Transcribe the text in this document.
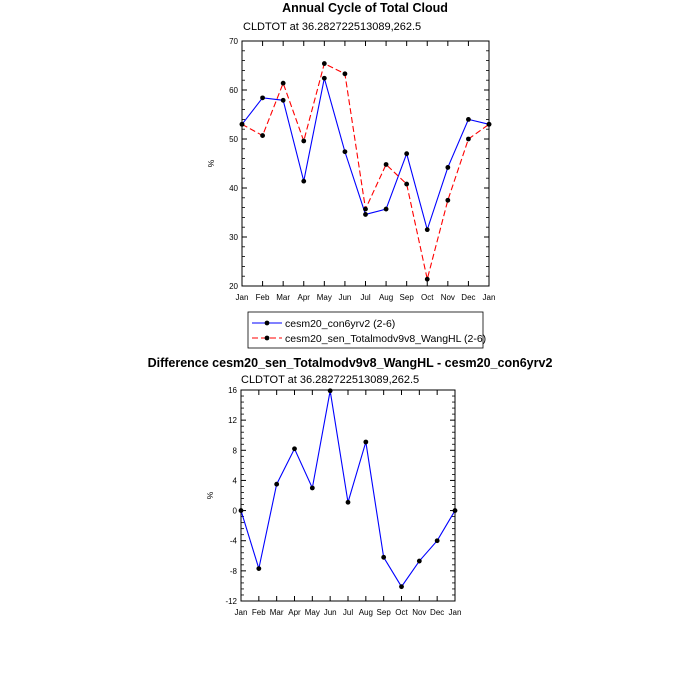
Annual Cycle of Total Cloud
CLDTOT at 36.282722513089,262.5
Difference cesm20_sen_Totalmodv9v8_WangHL - cesm20_con6yrv2
CLDTOT at 36.282722513089,262.5
Jan Feb Mar Apr May Jun Jul Aug Sep Oct Nov Dec Jan
20
30
40
50
60
70
%
cesm20_con6yrv2 (2-6)
cesm20_sen_Totalmodv9v8_WangHL (2-6)
Jan Feb Mar Apr May Jun Jul Aug Sep Oct Nov Dec Jan
-12
-8
-4
0
4
8
12
16
%
